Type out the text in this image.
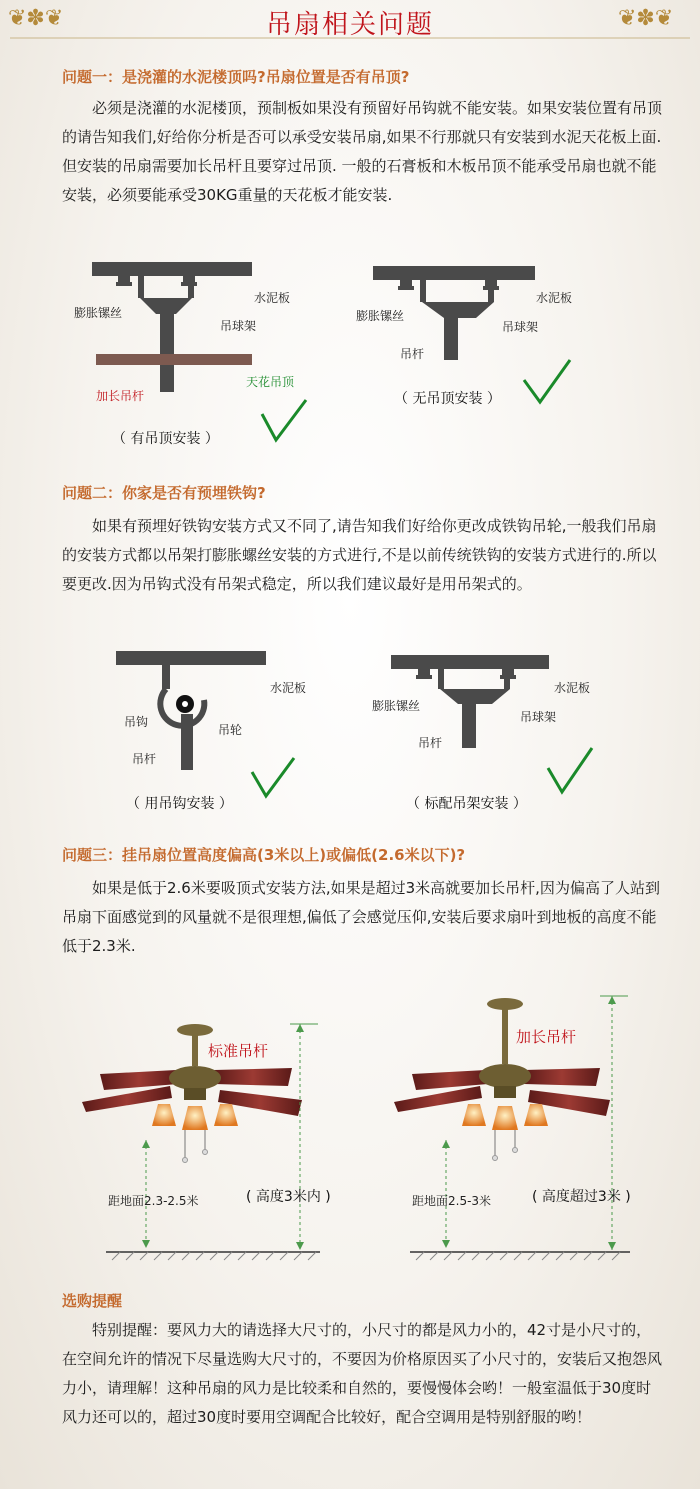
❦✽❦	❦✽❦
吊扇相关问题
问题一：是浇灌的水泥楼顶吗?吊扇位置是否有吊顶?
必须是浇灌的水泥楼顶，预制板如果没有预留好吊钩就不能安装。如果安装位置有吊顶的请告知我们,好给你分析是否可以承受安装吊扇,如果不行那就只有安装到水泥天花板上面.但安装的吊扇需要加长吊杆且要穿过吊顶. 一般的石膏板和木板吊顶不能承受吊扇也就不能安装，必须要能承受30KG重量的天花板才能安装.
水泥板
膨胀镙丝
吊球架
加长吊杆
天花吊顶
（ 有吊顶安装 ）
水泥板
膨胀镙丝
吊球架
吊杆
（ 无吊顶安装 ）
问题二：你家是否有预埋铁钩?
如果有预埋好铁钩安装方式又不同了,请告知我们好给你更改成铁钩吊轮,一般我们吊扇的安装方式都以吊架打膨胀螺丝安装的方式进行,不是以前传统铁钩的安装方式进行的.所以要更改.因为吊钩式没有吊架式稳定，所以我们建议最好是用吊架式的。
水泥板
吊钩
吊轮
吊杆
（ 用吊钩安装 ）
水泥板
膨胀镙丝
吊球架
吊杆
（ 标配吊架安装 ）
问题三：挂吊扇位置高度偏高(3米以上)或偏低(2.6米以下)?
如果是低于2.6米要吸顶式安装方法,如果是超过3米高就要加长吊杆,因为偏高了人站到吊扇下面感觉到的风量就不是很理想,偏低了会感觉压仰,安装后要求扇叶到地板的高度不能低于2.3米.
标准吊杆
距地面2.3-2.5米	( 高度3米内 )
加长吊杆
距地面2.5-3米	( 高度超过3米 )
选购提醒
特别提醒：要风力大的请选择大尺寸的，小尺寸的都是风力小的，42寸是小尺寸的，在空间允许的情况下尽量选购大尺寸的，不要因为价格原因买了小尺寸的，安装后又抱怨风力小，请理解！这种吊扇的风力是比较柔和自然的，要慢慢体会哟！一般室温低于30度时风力还可以的，超过30度时要用空调配合比较好，配合空调用是特别舒服的哟！
